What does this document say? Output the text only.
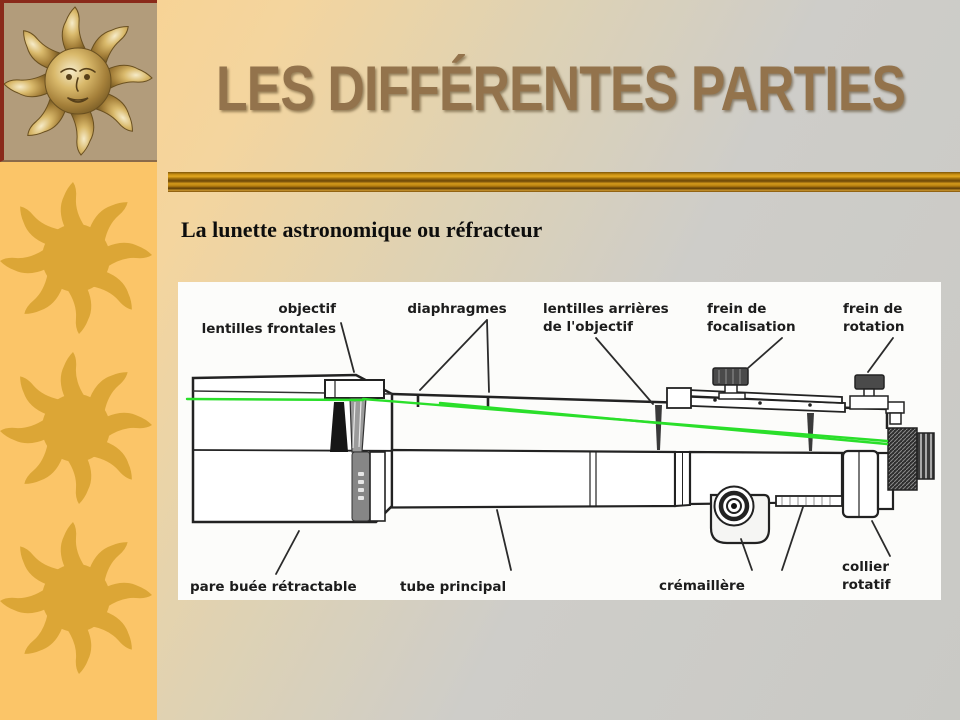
LES DIFFÉRENTES PARTIES
La lunette astronomique ou réfracteur
objectif
lentilles frontales
diaphragmes	lentilles arrières
de l'objectif
frein de
focalisation
frein de
rotation
pare buée rétractable	tube principal	crémaillère
collier
rotatif
